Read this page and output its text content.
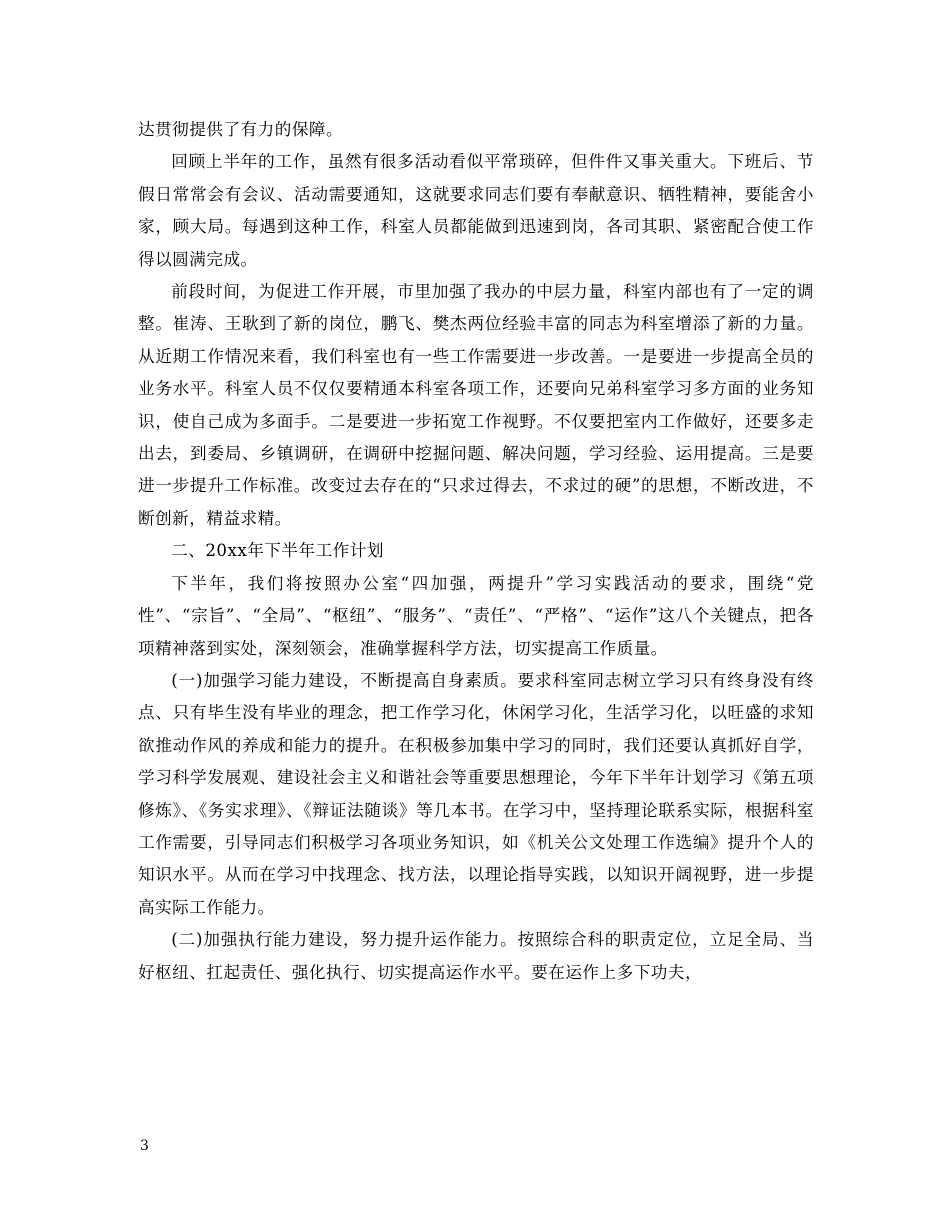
达贯彻提供了有力的保障。

回顾上半年的工作，虽然有很多活动看似平常琐碎，但件件又事关重大。下班后、节假日常常会有会议、活动需要通知，这就要求同志们要有奉献意识、牺牲精神，要能舍小家，顾大局。每遇到这种工作，科室人员都能做到迅速到岗，各司其职、紧密配合使工作得以圆满完成。

前段时间，为促进工作开展，市里加强了我办的中层力量，科室内部也有了一定的调整。崔涛、王耿到了新的岗位，鹏飞、樊杰两位经验丰富的同志为科室增添了新的力量。从近期工作情况来看，我们科室也有一些工作需要进一步改善。一是要进一步提高全员的业务水平。科室人员不仅仅要精通本科室各项工作，还要向兄弟科室学习多方面的业务知识，使自己成为多面手。二是要进一步拓宽工作视野。不仅要把室内工作做好，还要多走出去，到委局、乡镇调研，在调研中挖掘问题、解决问题，学习经验、运用提高。三是要进一步提升工作标准。改变过去存在的“只求过得去，不求过的硬”的思想，不断改进，不断创新，精益求精。

二、20xx年下半年工作计划

下半年，我们将按照办公室“四加强，两提升”学习实践活动的要求，围绕“党性”、“宗旨”、“全局”、“枢纽”、“服务”、“责任”、“严格”、“运作”这八个关键点，把各项精神落到实处，深刻领会，准确掌握科学方法，切实提高工作质量。

(一)加强学习能力建设，不断提高自身素质。要求科室同志树立学习只有终身没有终点、只有毕生没有毕业的理念，把工作学习化，休闲学习化，生活学习化，以旺盛的求知欲推动作风的养成和能力的提升。在积极参加集中学习的同时，我们还要认真抓好自学，学习科学发展观、建设社会主义和谐社会等重要思想理论，今年下半年计划学习《第五项修炼》、《务实求理》、《辩证法随谈》等几本书。在学习中，坚持理论联系实际，根据科室工作需要，引导同志们积极学习各项业务知识，如《机关公文处理工作选编》提升个人的知识水平。从而在学习中找理念、找方法，以理论指导实践，以知识开阔视野，进一步提高实际工作能力。

(二)加强执行能力建设，努力提升运作能力。按照综合科的职责定位，立足全局、当好枢纽、扛起责任、强化执行、切实提高运作水平。要在运作上多下功夫，

3
